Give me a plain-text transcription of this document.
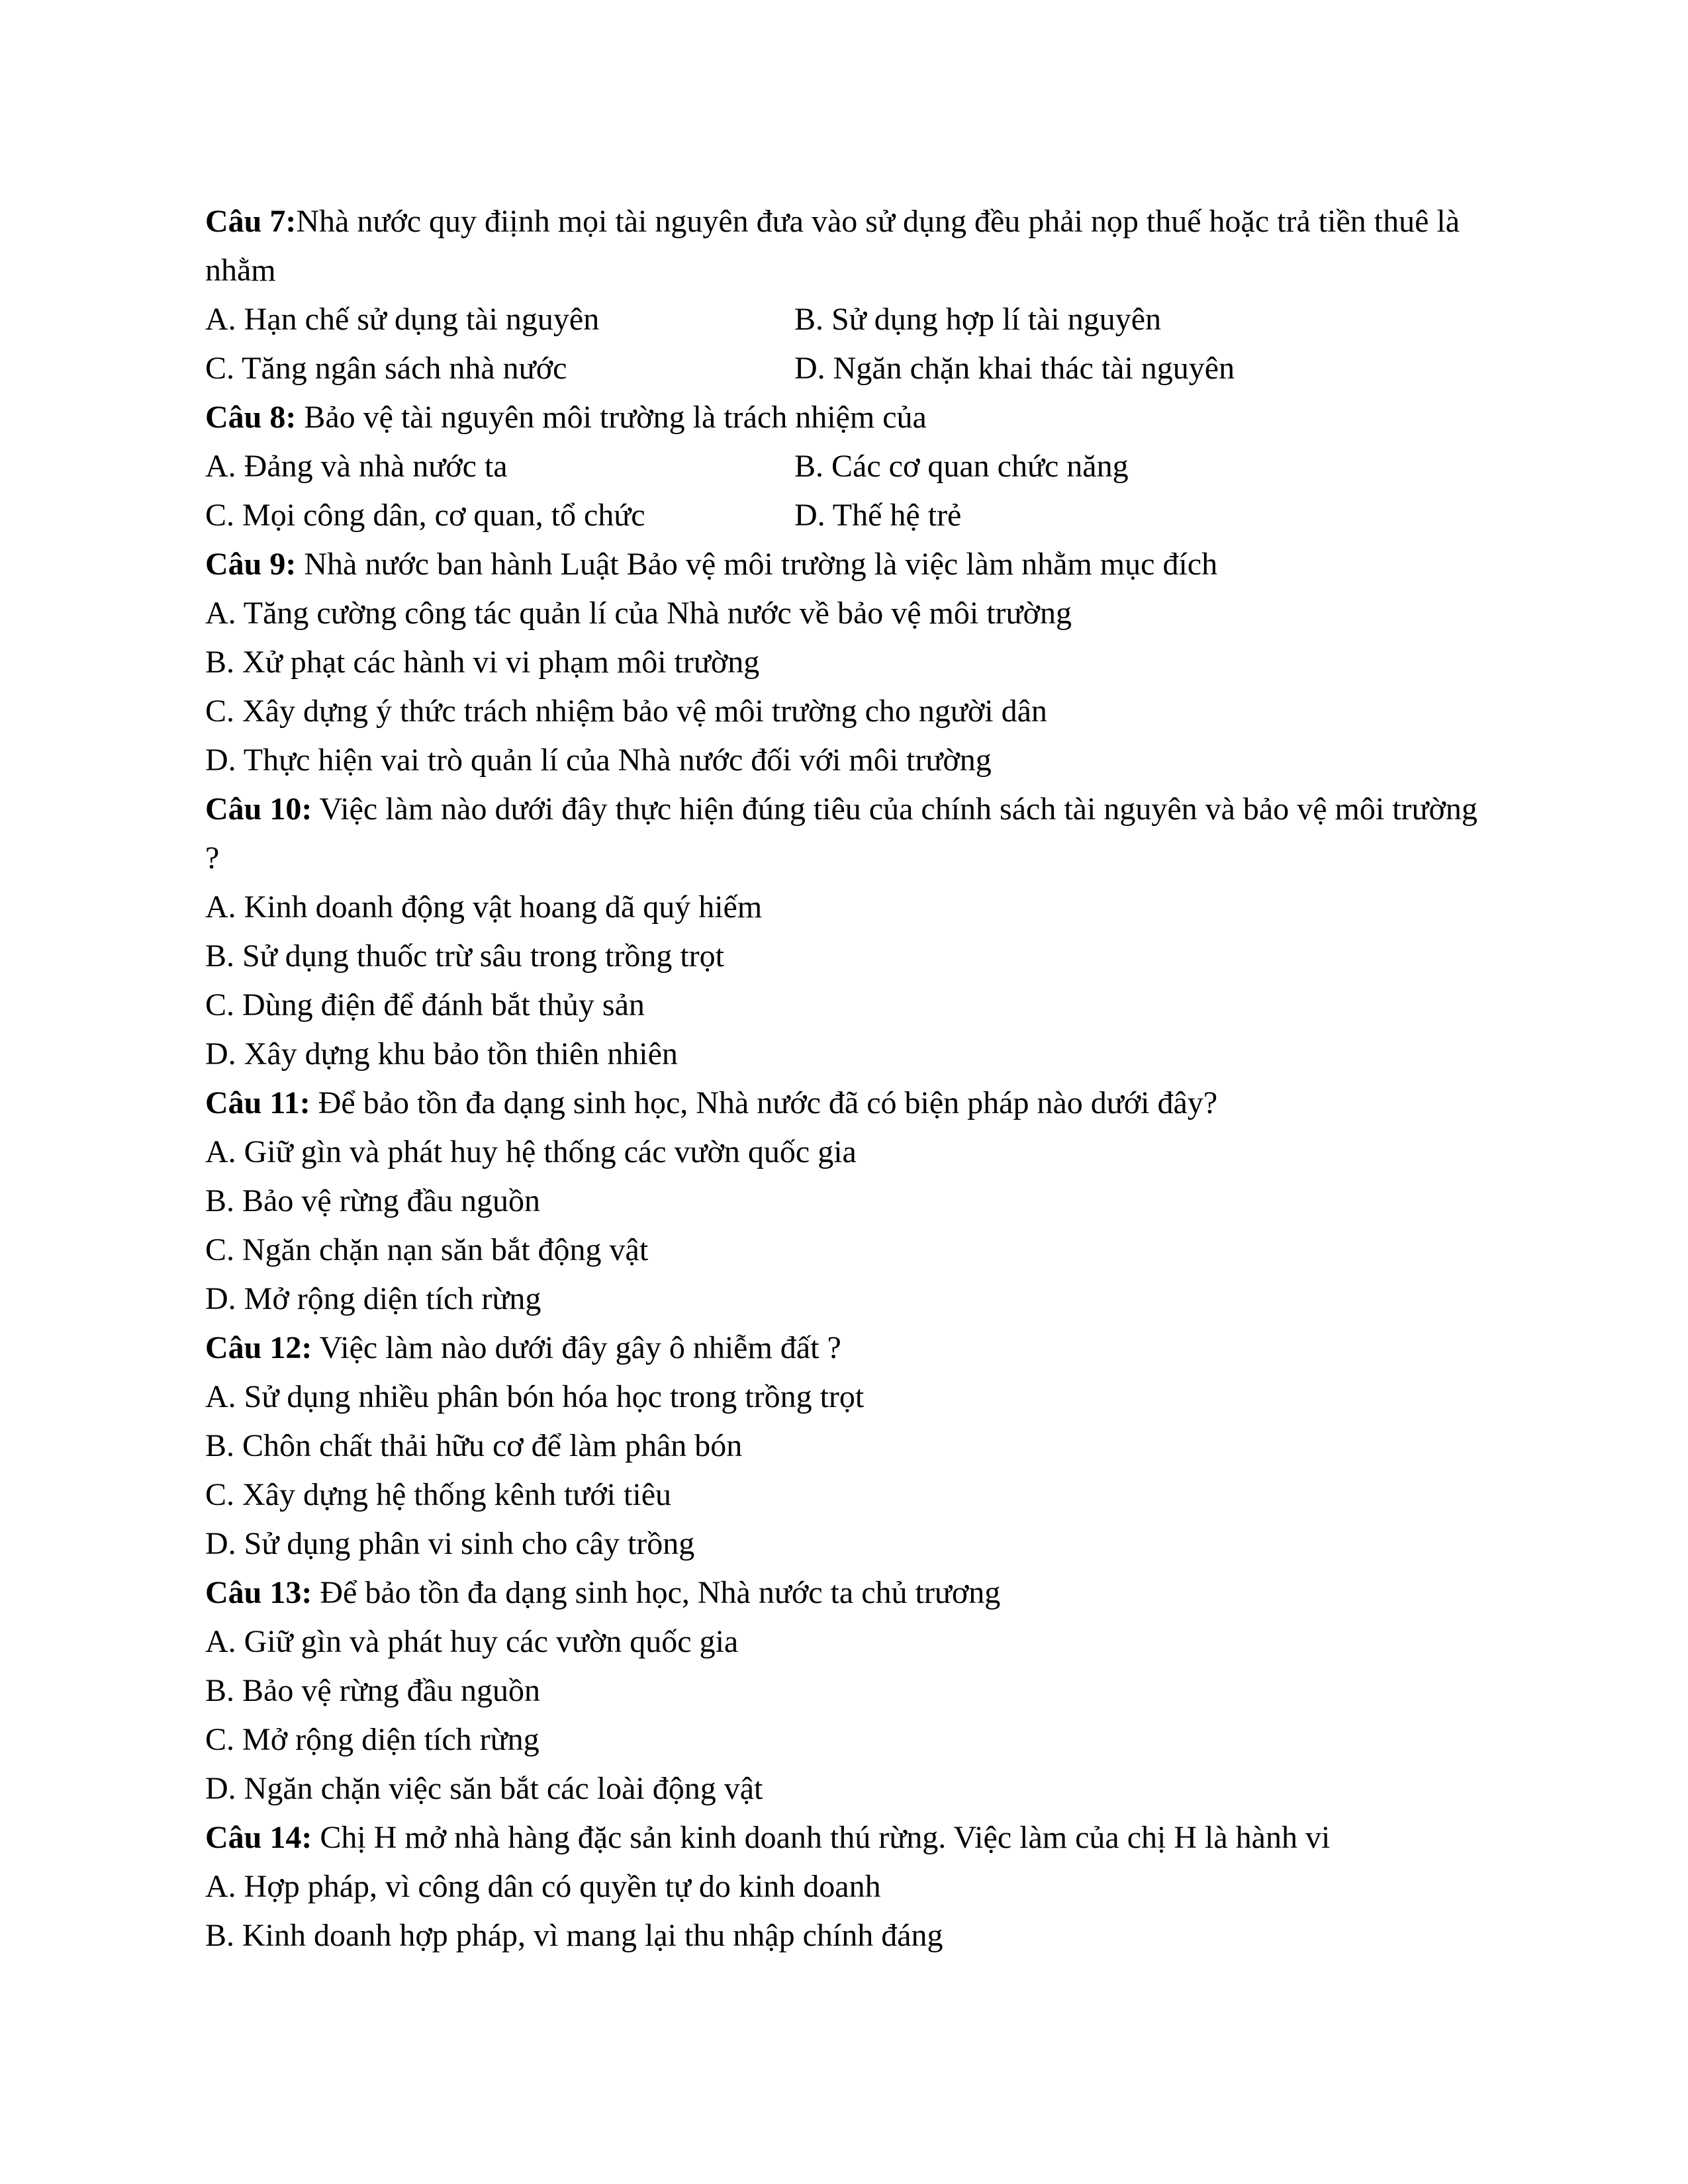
Câu 7:Nhà nước quy điịnh mọi tài nguyên đưa vào sử dụng đều phải nọp thuế hoặc trả tiền thuê là nhằm

A. Hạn chế sử dụng tài nguyên	B. Sử dụng hợp lí tài nguyên
C. Tăng ngân sách nhà nước	D. Ngăn chặn khai thác tài nguyên

Câu 8: Bảo vệ tài nguyên môi trường là trách nhiệm của

A. Đảng và nhà nước ta	B. Các cơ quan chức năng
C. Mọi công dân, cơ quan, tổ chức	D. Thế hệ trẻ

Câu 9: Nhà nước ban hành Luật Bảo vệ môi trường là việc làm nhằm mục đích

A. Tăng cường công tác quản lí của Nhà nước về bảo vệ môi trường

B. Xử phạt các hành vi vi phạm môi trường

C. Xây dựng ý thức trách nhiệm bảo vệ môi trường cho người dân

D. Thực hiện vai trò quản lí của Nhà nước đối với môi trường

Câu 10: Việc làm nào dưới đây thực hiện đúng tiêu của chính sách tài nguyên và bảo vệ môi trường ?

A. Kinh doanh động vật hoang dã quý hiếm

B. Sử dụng thuốc trừ sâu trong trồng trọt

C. Dùng điện để đánh bắt thủy sản

D. Xây dựng khu bảo tồn thiên nhiên

Câu 11: Để bảo tồn đa dạng sinh học, Nhà nước đã có biện pháp nào dưới đây?

A. Giữ gìn và phát huy hệ thống các vườn quốc gia

B. Bảo vệ rừng đầu nguồn

C. Ngăn chặn nạn săn bắt động vật

D. Mở rộng diện tích rừng

Câu 12: Việc làm nào dưới đây gây ô nhiễm đất ?

A. Sử dụng nhiều phân bón hóa học trong trồng trọt

B. Chôn chất thải hữu cơ để làm phân bón

C. Xây dựng hệ thống kênh tưới tiêu

D. Sử dụng phân vi sinh cho cây trồng

Câu 13: Để bảo tồn đa dạng sinh học, Nhà nước ta chủ trương

A. Giữ gìn và phát huy các vườn quốc gia

B. Bảo vệ rừng đầu nguồn

C. Mở rộng diện tích rừng

D. Ngăn chặn việc săn bắt các loài động vật

Câu 14: Chị H mở nhà hàng đặc sản kinh doanh thú rừng. Việc làm của chị H là hành vi

A. Hợp pháp, vì công dân có quyền tự do kinh doanh

B. Kinh doanh hợp pháp, vì mang lại thu nhập chính đáng
